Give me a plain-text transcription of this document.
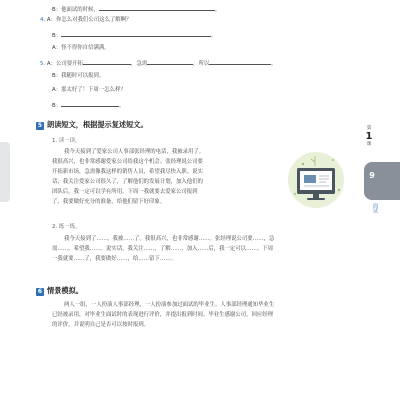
B：他面试的时候，	。
4. A：你怎么对我们公司这么了解啊？
B：	。
A：怪不得你自信满满。
5. A：公司要开拓	，急需	，所以	。
B：我随时可以报到。
A：那太好了！下周一怎么样？
B：	。
5 朗读短文，根据提示复述短文。
1. 读一读。
我今天接到了爱家公司人事部张经理的电话，我被录用了。
我很高兴，也非常感谢爱家公司给我这个机会。张经理说公司要
开拓新市场，急需像我这样的销售人员，希望我尽快入职。说实
话，我关注爱家公司很久了，了解他们的发展计划，加入他们的
团队后，我一定可以学有所用。下周一我就要去爱家公司报到
了，我要做好充分的准备，给他们留下好印象。
2. 练一练。
我今天接到了……，我被……了。我很高兴，也非常感谢……。张经理说公司要……，急
需……，希望我……。说实话，我关注……，了解……，加入……后，我一定可以……。下周
一我就要……了，我要做好……，给……留下……。
6 情景模拟。
两人一组，一人扮演人事部经理，一人扮演参加过面试的毕业生。人事部经理通知毕业生
已经被录用，对毕业生面试时的表现进行评价，并提出报到时间。毕业生感谢公司，回应经理
的评价，并说明自己是否可以按时报到。
第
1
课
9
面试
